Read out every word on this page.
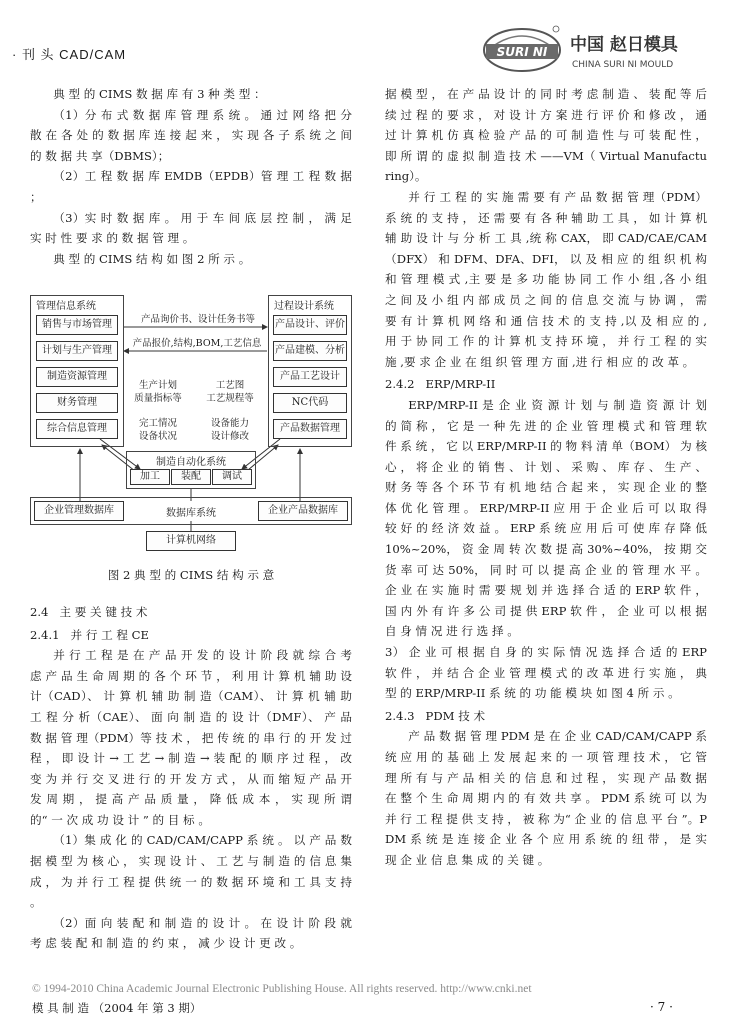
· 刊 头 CAD/CAM	SURI NI 中国 赵日模具
CHINA SURI NI MOULD

典 型 的 CIMS 数 据 库 有 3 种 类 型 ：

（1）分 布 式 数 据 库 管 理 系 统 。 通 过 网 络 把 分 散 在 各 处 的 数 据 库 连 接 起 来 ， 实 现 各 子 系 统 之 间 的 数 据 共 享（DBMS）；

（2）工 程 数 据 库 EMDB（EPDB）管 理 工 程 数 据 ；

（3）实 时 数 据 库 。 用 于 车 间 底 层 控 制 ， 满 足 实 时 性 要 求 的 数 据 管 理 。

典 型 的 CIMS 结 构 如 图 2 所 示 。

管理信息系统
销售与市场管理
计划与生产管理
制造资源管理
财务管理
综合信息管理
过程设计系统
产品设计、评价
产品建模、分析
产品工艺设计
NC代码
产品数据管理
产品询价书、设计任务书等
产品报价,结构,BOM,工艺信息
生产计划
质量指标等
工艺图
工艺规程等
完工情况
设备状况
设备能力
设计修改
制造自动化系统
加工	装配	调试
企业管理数据库	数据库系统	企业产品数据库
计算机网络
图 2 典 型 的 CIMS 结 构 示 意

2.4   主 要 关 键 技 术

2.4.1   并 行 工 程 CE

并 行 工 程 是 在 产 品 开 发 的 设 计 阶 段 就 综 合 考 虑 产 品 生 命 周 期 的 各 个 环 节 ， 利 用 计 算 机 辅 助 设 计（CAD）、 计 算 机 辅 助 制 造（CAM）、 计 算 机 辅 助 工 程 分 析（CAE）、 面 向 制 造 的 设 计（DMF）、 产 品 数 据 管 理（PDM）等 技 术 ， 把 传 统 的 串 行 的 开 发 过 程 ， 即 设 计 → 工 艺 → 制 造 → 装 配 的 顺 序 过 程 ， 改 变 为 并 行 交 叉 进 行 的 开 发 方 式 ， 从 而 缩 短 产 品 开 发 周 期 ， 提 高 产 品 质 量 ， 降 低 成 本 ， 实 现 所 谓 的“ 一 次 成 功 设 计 ” 的 目 标 。

（1）集 成 化 的 CAD/CAM/CAPP 系 统 。 以 产 品 数 据 模 型 为 核 心 ， 实 现 设 计 、 工 艺 与 制 造 的 信 息 集 成 ， 为 并 行 工 程 提 供 统 一 的 数 据 环 境 和 工 具 支 持 。

（2）面 向 装 配 和 制 造 的 设 计 。 在 设 计 阶 段 就 考 虑 装 配 和 制 造 的 约 束 ， 减 少 设 计 更 改 。

据 模 型 ， 在 产 品 设 计 的 同 时 考 虑 制 造 、 装 配 等 后 续 过 程 的 要 求 ， 对 设 计 方 案 进 行 评 价 和 修 改 ， 通 过 计 算 机 仿 真 检 验 产 品 的 可 制 造 性 与 可 装 配 性 ， 即 所 谓 的 虚 拟 制 造 技 术 ——VM（ Virtual Manufacturing）。

并 行 工 程 的 实 施 需 要 有 产 品 数 据 管 理（PDM）系 统 的 支 持 ， 还 需 要 有 各 种 辅 助 工 具 ， 如 计 算 机 辅 助 设 计 与 分 析 工 具 ,统 称 CAX， 即 CAD/CAE/CAM（DFX） 和 DFM、DFA、DFI， 以 及 相 应 的 组 织 机 构 和 管 理 模 式 ,主 要 是 多 功 能 协 同 工 作 小 组 ,各 小 组 之 间 及 小 组 内 部 成 员 之 间 的 信 息 交 流 与 协 调 ， 需 要 有 计 算 机 网 络 和 通 信 技 术 的 支 持 ,以 及 相 应 的 ,用 于 协 同 工 作 的 计 算 机 支 持 环 境 ， 并 行 工 程 的 实 施 ,要 求 企 业 在 组 织 管 理 方 面 ,进 行 相 应 的 改 革 。

2.4.2   ERP/MRP-II

ERP/MRP-II 是 企 业 资 源 计 划 与 制 造 资 源 计 划 的 简 称 ， 它 是 一 种 先 进 的 企 业 管 理 模 式 和 管 理 软 件 系 统 ， 它 以 ERP/MRP-II 的 物 料 清 单（BOM） 为 核 心 ， 将 企 业 的 销 售 、 计 划 、 采 购 、 库 存 、 生 产 、 财 务 等 各 个 环 节 有 机 地 结 合 起 来 ， 实 现 企 业 的 整 体 优 化 管 理 。 ERP/MRP-II 应 用 于 企 业 后 可 以 取 得 较 好 的 经 济 效 益 。 ERP 系 统 应 用 后 可 使 库 存 降 低 10%~20%， 资 金 周 转 次 数 提 高 30%~40%， 按 期 交 货 率 可 达 50%， 同 时 可 以 提 高 企 业 的 管 理 水 平 。 企 业 在 实 施 时 需 要 规 划 并 选 择 合 适 的 ERP 软 件 ， 国 内 外 有 许 多 公 司 提 供 ERP 软 件 ， 企 业 可 以 根 据 自 身 情 况 进 行 选 择 。

3） 企 业 可 根 据 自 身 的 实 际 情 况 选 择 合 适 的 ERP 软 件 ， 并 结 合 企 业 管 理 模 式 的 改 革 进 行 实 施 ， 典 型 的 ERP/MRP-II 系 统 的 功 能 模 块 如 图 4 所 示 。

2.4.3   PDM 技 术

产 品 数 据 管 理 PDM 是 在 企 业 CAD/CAM/CAPP 系 统 应 用 的 基 础 上 发 展 起 来 的 一 项 管 理 技 术 ， 它 管 理 所 有 与 产 品 相 关 的 信 息 和 过 程 ， 实 现 产 品 数 据 在 整 个 生 命 周 期 内 的 有 效 共 享 。 PDM 系 统 可 以 为 并 行 工 程 提 供 支 持 ， 被 称 为“ 企 业 的 信 息 平 台 ”。PDM 系 统 是 连 接 企 业 各 个 应 用 系 统 的 纽 带 ， 是 实 现 企 业 信 息 集 成 的 关 键 。

© 1994-2010 China Academic Journal Electronic Publishing House. All rights reserved. http://www.cnki.net
模 具 制 造 （2004 年 第 3 期）	· 7 ·
